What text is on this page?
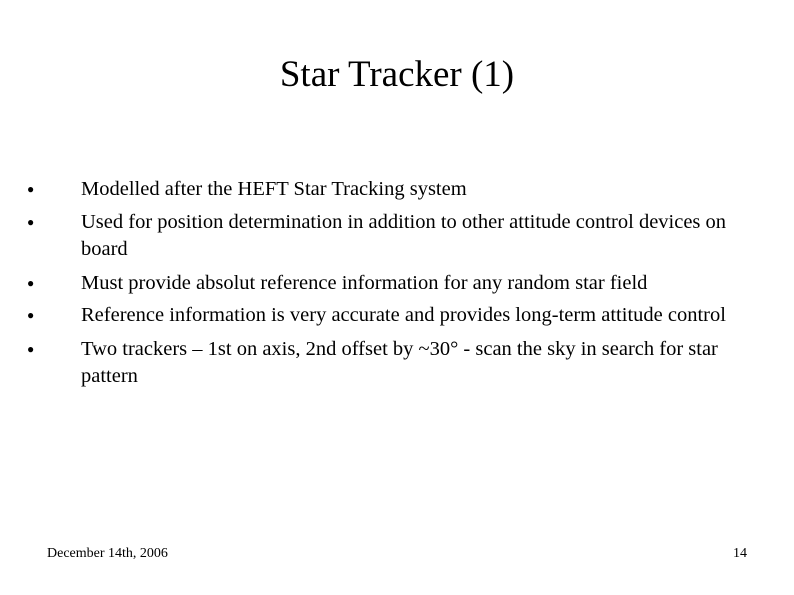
Star Tracker (1)
● Modelled after the HEFT Star Tracking system
● Used for position determination in addition to other attitude control devices on board
● Must provide absolut reference information for any random star field
● Reference information is very accurate and provides long-term attitude control
● Two trackers – 1st on axis, 2nd offset by ~30° - scan the sky in search for star pattern
December 14th, 2006	14
